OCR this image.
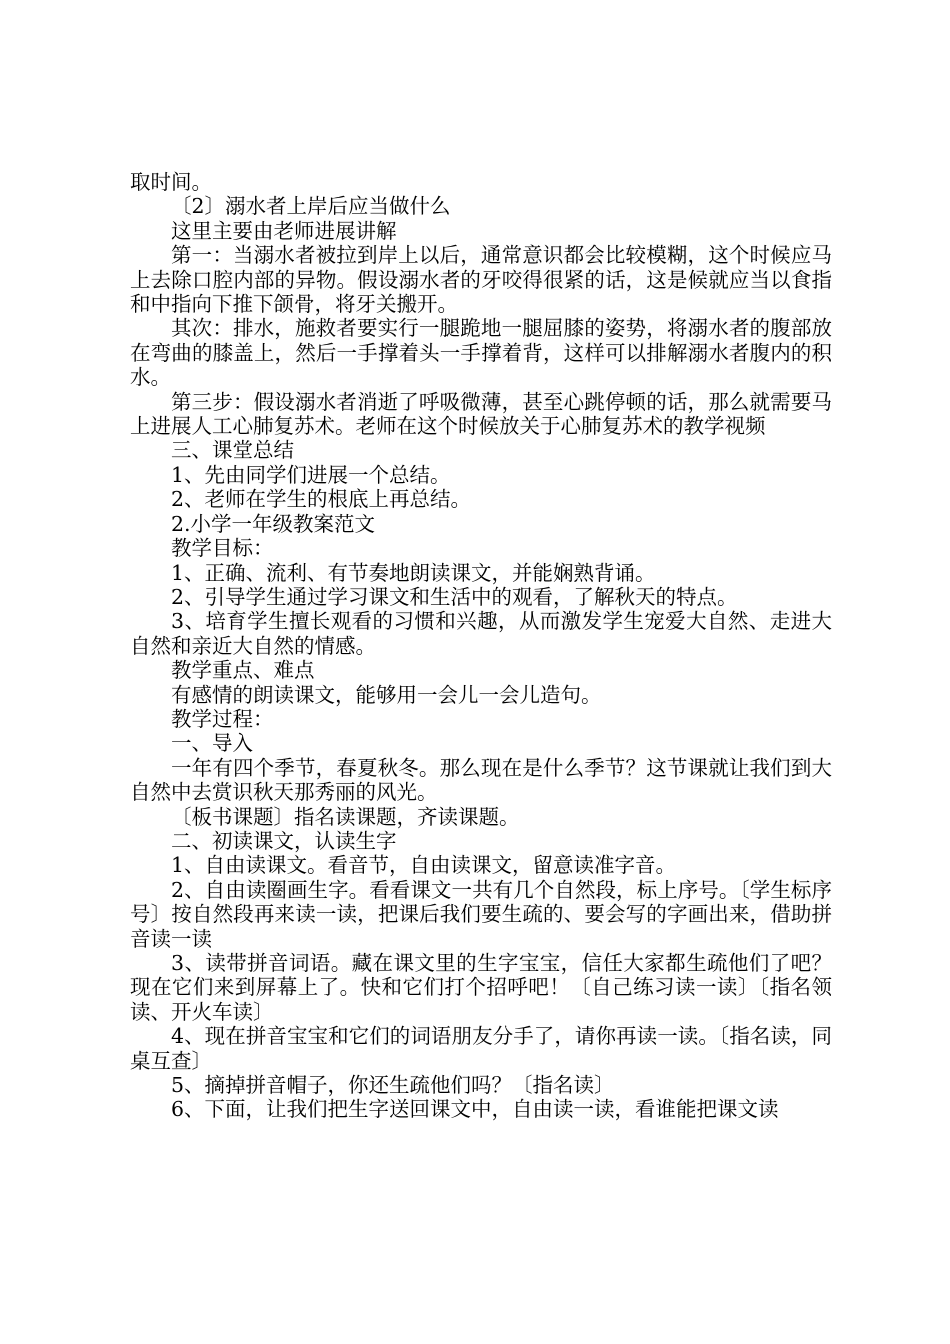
取时间。

〔2〕溺水者上岸后应当做什么

这里主要由老师进展讲解

第一：当溺水者被拉到岸上以后，通常意识都会比较模糊，这个时候应马上去除口腔内部的异物。假设溺水者的牙咬得很紧的话，这是候就应当以食指和中指向下推下颌骨，将牙关搬开。

其次：排水，施救者要实行一腿跪地一腿屈膝的姿势，将溺水者的腹部放在弯曲的膝盖上，然后一手撑着头一手撑着背，这样可以排解溺水者腹内的积水。

第三步：假设溺水者消逝了呼吸微薄，甚至心跳停顿的话，那么就需要马上进展人工心肺复苏术。老师在这个时候放关于心肺复苏术的教学视频

三、课堂总结

1、先由同学们进展一个总结。

2、老师在学生的根底上再总结。

2.小学一年级教案范文

教学目标：

1、正确、流利、有节奏地朗读课文，并能娴熟背诵。

2、引导学生通过学习课文和生活中的观看，了解秋天的特点。

3、培育学生擅长观看的习惯和兴趣，从而激发学生宠爱大自然、走进大自然和亲近大自然的情感。

教学重点、难点

有感情的朗读课文，能够用一会儿一会儿造句。

教学过程：

一、导入

一年有四个季节，春夏秋冬。那么现在是什么季节？这节课就让我们到大自然中去赏识秋天那秀丽的风光。

〔板书课题〕指名读课题，齐读课题。

二、初读课文，认读生字

1、自由读课文。看音节，自由读课文，留意读准字音。

2、自由读圈画生字。看看课文一共有几个自然段，标上序号。〔学生标序号〕按自然段再来读一读，把课后我们要生疏的、要会写的字画出来，借助拼音读一读

3、读带拼音词语。藏在课文里的生字宝宝，信任大家都生疏他们了吧？现在它们来到屏幕上了。快和它们打个招呼吧！〔自己练习读一读〕〔指名领读、开火车读〕

4、现在拼音宝宝和它们的词语朋友分手了，请你再读一读。〔指名读，同桌互查〕

5、摘掉拼音帽子，你还生疏他们吗？〔指名读〕

6、下面，让我们把生字送回课文中，自由读一读，看谁能把课文读
